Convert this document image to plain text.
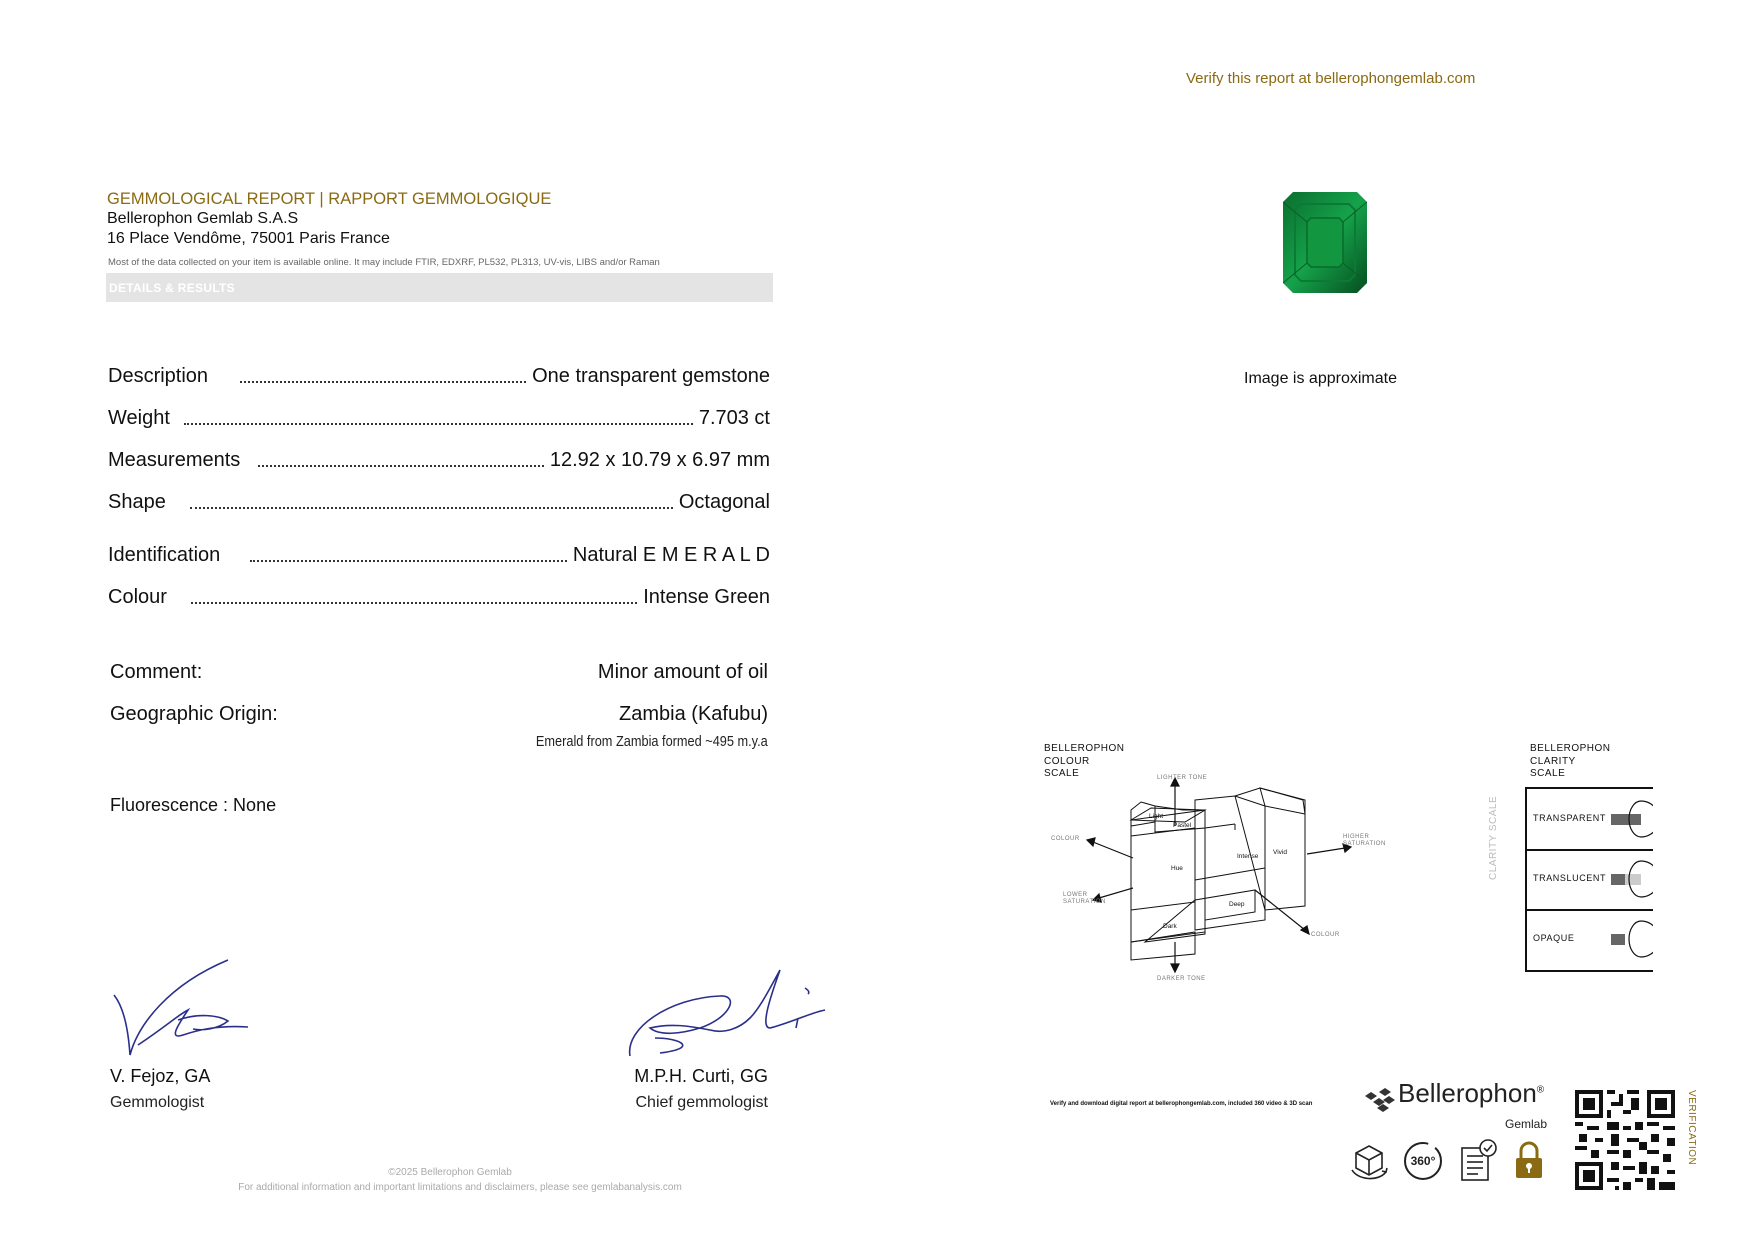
Verify this report at bellerophongemlab.com
GEMMOLOGICAL REPORT | RAPPORT GEMMOLOGIQUE
Bellerophon Gemlab S.A.S
16 Place Vendôme, 75001 Paris France
Most of the data collected on your item is available online. It may include FTIR, EDXRF, PL532, PL313, UV-vis, LIBS and/or Raman
DETAILS & RESULTS
Description	One transparent gemstone
Weight	7.703 ct
Measurements	12.92 x 10.79 x 6.97 mm
Shape	Octagonal
Identification	Natural E M E R A L D
Colour	Intense Green
Comment:	Minor amount of oil
Geographic Origin:	Zambia (Kafubu)
Emerald from Zambia formed ~495 m.y.a
Fluorescence : None
V. Fejoz, GA
Gemmologist
M.P.H. Curti, GG
Chief gemmologist
©2025 Bellerophon Gemlab
For additional information and important limitations and disclaimers, please see gemlabanalysis.com
Image is approximate
BELLEROPHON
COLOUR
SCALE	LIGHTER TONE
DARKER TONE
COLOUR
COLOUR
HIGHER
SATURATION
LOWER
SATURATION
Light
Pastel
Hue
Intense
Vivid
Deep
Dark
BELLEROPHON
CLARITY
SCALE
CLARITY SCALE	TRANSPARENT
TRANSLUCENT
OPAQUE
Verify and download digital report at bellerophongemlab.com, included 360 video & 3D scan	Bellerophon®
Gemlab
360°	VERIFICATION
